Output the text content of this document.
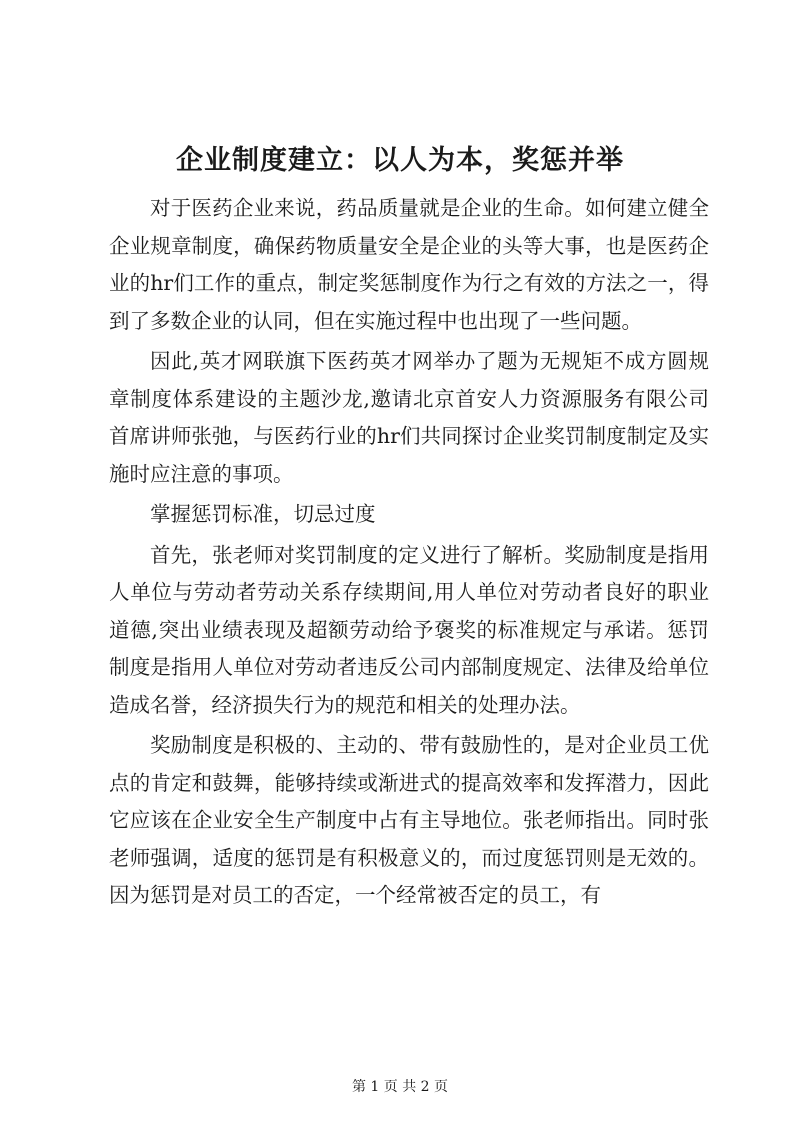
企业制度建立：以人为本，奖惩并举

对于医药企业来说，药品质量就是企业的生命。如何建立健全企业规章制度，确保药物质量安全是企业的头等大事，也是医药企业的hr们工作的重点，制定奖惩制度作为行之有效的方法之一，得到了多数企业的认同，但在实施过程中也出现了一些问题。

因此,英才网联旗下医药英才网举办了题为无规矩不成方圆规章制度体系建设的主题沙龙,邀请北京首安人力资源服务有限公司首席讲师张弛，与医药行业的hr们共同探讨企业奖罚制度制定及实施时应注意的事项。

掌握惩罚标准，切忌过度

首先，张老师对奖罚制度的定义进行了解析。奖励制度是指用人单位与劳动者劳动关系存续期间,用人单位对劳动者良好的职业道德,突出业绩表现及超额劳动给予褒奖的标准规定与承诺。惩罚制度是指用人单位对劳动者违反公司内部制度规定、法律及给单位造成名誉，经济损失行为的规范和相关的处理办法。

奖励制度是积极的、主动的、带有鼓励性的，是对企业员工优点的肯定和鼓舞，能够持续或渐进式的提高效率和发挥潜力，因此它应该在企业安全生产制度中占有主导地位。张老师指出。同时张老师强调，适度的惩罚是有积极意义的，而过度惩罚则是无效的。因为惩罚是对员工的否定，一个经常被否定的员工，有

第 1 页 共 2 页
